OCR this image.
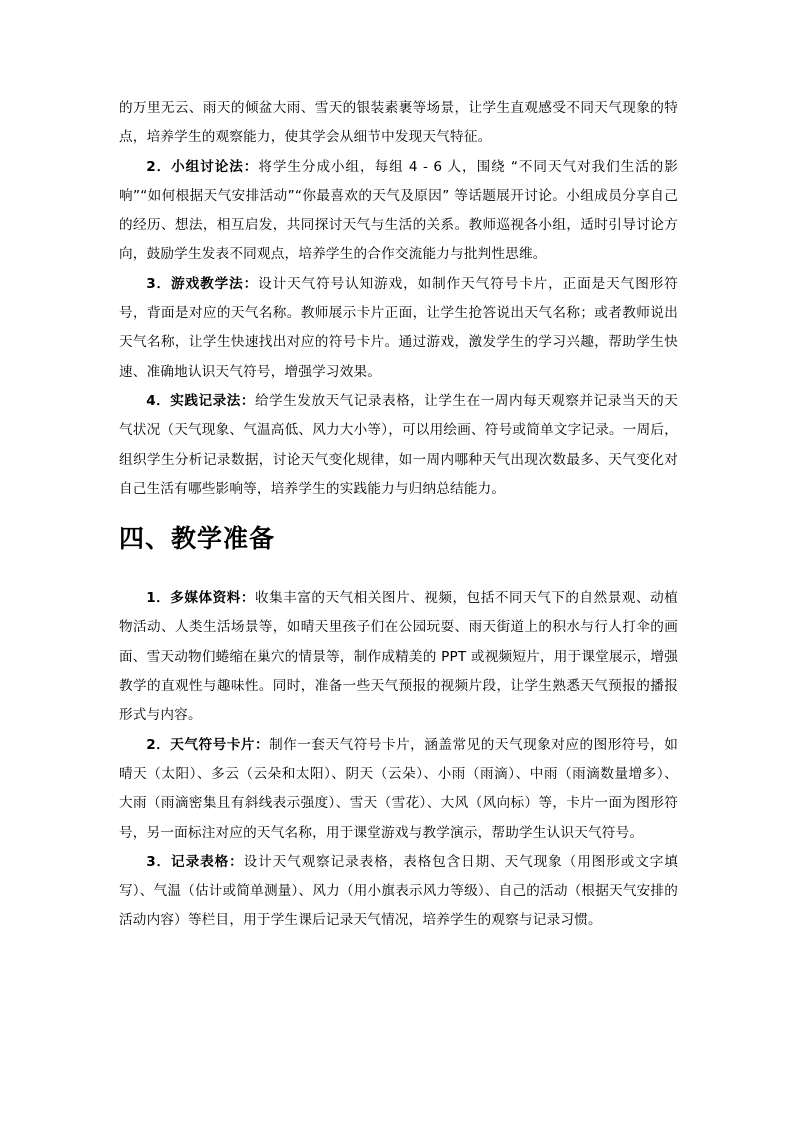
的万里无云、雨天的倾盆大雨、雪天的银装素裹等场景，让学生直观感受不同天气现象的特点，培养学生的观察能力，使其学会从细节中发现天气特征。

2．小组讨论法：将学生分成小组，每组 4 - 6 人，围绕 “不同天气对我们生活的影响”“如何根据天气安排活动”“你最喜欢的天气及原因” 等话题展开讨论。小组成员分享自己的经历、想法，相互启发，共同探讨天气与生活的关系。教师巡视各小组，适时引导讨论方向，鼓励学生发表不同观点，培养学生的合作交流能力与批判性思维。

3．游戏教学法：设计天气符号认知游戏，如制作天气符号卡片，正面是天气图形符号，背面是对应的天气名称。教师展示卡片正面，让学生抢答说出天气名称；或者教师说出天气名称，让学生快速找出对应的符号卡片。通过游戏，激发学生的学习兴趣，帮助学生快速、准确地认识天气符号，增强学习效果。

4．实践记录法：给学生发放天气记录表格，让学生在一周内每天观察并记录当天的天气状况（天气现象、气温高低、风力大小等），可以用绘画、符号或简单文字记录。一周后，组织学生分析记录数据，讨论天气变化规律，如一周内哪种天气出现次数最多、天气变化对自己生活有哪些影响等，培养学生的实践能力与归纳总结能力。

四、教学准备

1．多媒体资料：收集丰富的天气相关图片、视频，包括不同天气下的自然景观、动植物活动、人类生活场景等，如晴天里孩子们在公园玩耍、雨天街道上的积水与行人打伞的画面、雪天动物们蜷缩在巢穴的情景等，制作成精美的 PPT 或视频短片，用于课堂展示，增强教学的直观性与趣味性。同时，准备一些天气预报的视频片段，让学生熟悉天气预报的播报形式与内容。

2．天气符号卡片：制作一套天气符号卡片，涵盖常见的天气现象对应的图形符号，如晴天（太阳）、多云（云朵和太阳）、阴天（云朵）、小雨（雨滴）、中雨（雨滴数量增多）、大雨（雨滴密集且有斜线表示强度）、雪天（雪花）、大风（风向标）等，卡片一面为图形符号，另一面标注对应的天气名称，用于课堂游戏与教学演示，帮助学生认识天气符号。

3．记录表格：设计天气观察记录表格，表格包含日期、天气现象（用图形或文字填写）、气温（估计或简单测量）、风力（用小旗表示风力等级）、自己的活动（根据天气安排的活动内容）等栏目，用于学生课后记录天气情况，培养学生的观察与记录习惯。
